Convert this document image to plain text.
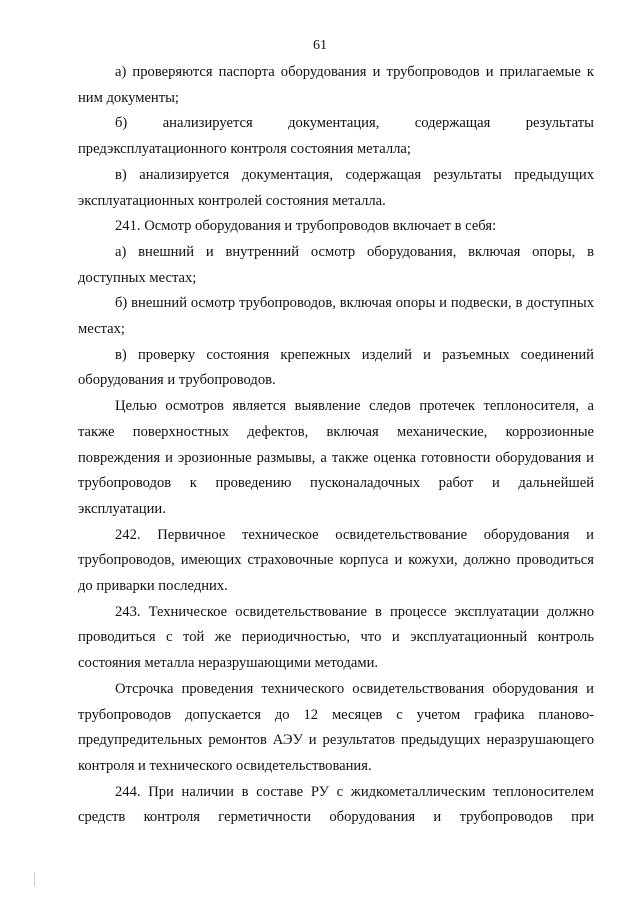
61

а) проверяются паспорта оборудования и трубопроводов и прилагаемые к ним документы;

б) анализируется документация, содержащая результаты предэксплуатационного контроля состояния металла;

в) анализируется документация, содержащая результаты предыдущих эксплуатационных контролей состояния металла.

241. Осмотр оборудования и трубопроводов включает в себя:

а) внешний и внутренний осмотр оборудования, включая опоры, в доступных местах;

б) внешний осмотр трубопроводов, включая опоры и подвески, в доступных местах;

в) проверку состояния крепежных изделий и разъемных соединений оборудования и трубопроводов.

Целью осмотров является выявление следов протечек теплоносителя, а также поверхностных дефектов, включая механические, коррозионные повреждения и эрозионные размывы, а также оценка готовности оборудования и трубопроводов к проведению пусконаладочных работ и дальнейшей эксплуатации.

242. Первичное техническое освидетельствование оборудования и трубопроводов, имеющих страховочные корпуса и кожухи, должно проводиться до приварки последних.

243. Техническое освидетельствование в процессе эксплуатации должно проводиться с той же периодичностью, что и эксплуатационный контроль состояния металла неразрушающими методами.

Отсрочка проведения технического освидетельствования оборудования и трубопроводов допускается до 12 месяцев с учетом графика планово-предупредительных ремонтов АЭУ и результатов предыдущих неразрушающего контроля и технического освидетельствования.

244. При наличии в составе РУ с жидкометаллическим теплоносителем средств контроля герметичности оборудования и трубопроводов при
